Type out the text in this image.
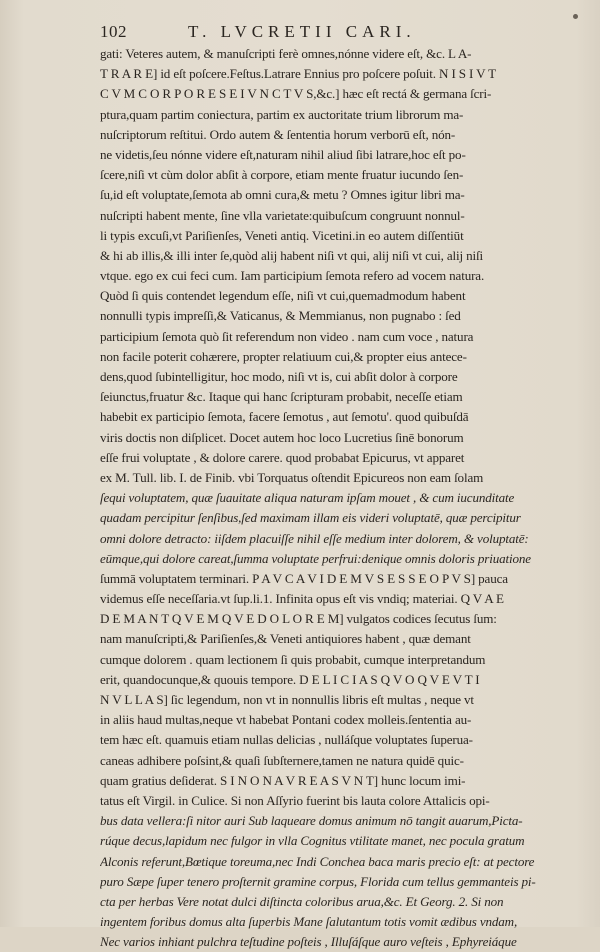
102	T. LVCRETII CARI.
gati: Veteres autem, & manuſcripti ferè omnes,nónne videre eſt, &c. L A-
T R A R E] id eſt poſcere.Feſtus.Latrare Ennius pro poſcere poſuit. N I S I V T
C V M C O R P O R E S E I V N C T V S,&c.] hæc eſt rectá & germana ſcri-
ptura,quam partim coniectura, partim ex auctoritate trium librorum ma-
nuſcriptorum reſtitui. Ordo autem & ſententia horum verborū eſt, nón-
ne videtis,ſeu nónne videre eſt,naturam nihil aliud ſibi latrare,hoc eſt po-
ſcere,niſi vt cùm dolor abſit à corpore, etiam mente fruatur iucundo ſen-
ſu,id eſt voluptate,ſemota ab omni cura,& metu ? Omnes igitur libri ma-
nuſcripti habent mente, ſine vlla varietate:quibuſcum congruunt nonnul-
li typis excuſi,vt Pariſienſes, Veneti antiq. Vicetini.in eo autem diſſentiūt
& hi ab illis,& illi inter ſe,quòd alij habent niſi vt qui, alij niſi vt cui, alij niſi
vtque. ego ex cui feci cum. Iam participium ſemota refero ad vocem natura.
Quòd ſi quis contendet legendum eſſe, niſi vt cui,quemadmodum habent
nonnulli typis impreſſi,& Vaticanus, & Memmianus, non pugnabo : ſed
participium ſemota quò ſit referendum non video . nam cum voce , natura
non facile poterit cohærere, propter relatiuum cui,& propter eius antece-
dens,quod ſubintelligitur, hoc modo, niſi vt is, cui abſit dolor à corpore
ſeiunctus,fruatur &c. Itaque qui hanc ſcripturam probabit, neceſſe etiam
habebit ex participio ſemota, facere ſemotus , aut ſemotu'. quod quibuſdā
viris doctis non diſplicet. Docet autem hoc loco Lucretius ſinē bonorum
eſſe frui voluptate , & dolore carere. quod probabat Epicurus, vt apparet
ex M. Tull. lib. I. de Finib. vbi Torquatus oſtendit Epicureos non eam ſolam
ſequi voluptatem, quæ ſuauitate aliqua naturam ipſam mouet , & cum iucunditate
quadam percipitur ſenſibus,ſed maximam illam eis videri voluptatē, quæ percipitur
omni dolore detracto: iiſdem placuiſſe nihil eſſe medium inter dolorem, & voluptatē:
eūmque,qui dolore careat,ſumma voluptate perfrui:denique omnis doloris priuatione
ſummā voluptatem terminari. P A V C A V I D E M V S E S S E O P V S] pauca
videmus eſſe neceſſaria.vt ſup.li.1. Infinita opus eſt vis vndiq; materiai. Q V A E
D E M A N T Q V E M Q V E D O L O R E M] vulgatos codices ſecutus ſum:
nam manuſcripti,& Pariſienſes,& Veneti antiquiores habent , quæ demant
cumque dolorem . quam lectionem ſi quis probabit, cumque interpretandum
erit, quandocunque,& quouis tempore. D E L I C I A S Q V O Q V E V T I
N V L L A S] ſic legendum, non vt in nonnullis libris eſt multas , neque vt
in aliis haud multas,neque vt habebat Pontani codex molleis.ſententia au-
tem hæc eſt. quamuis etiam nullas delicias , nulláſque voluptates ſuperua-
caneas adhibere poſsint,& quaſi ſubſternere,tamen ne natura quidē quic-
quam gratius deſiderat. S I N O N A V R E A S V N T] hunc locum imi-
tatus eſt Virgil. in Culice. Si non Aſſyrio fuerint bis lauta colore Attalicis opi-
bus data vellera:ſi nitor auri Sub laqueare domus animum nō tangit auarum,Picta-
rúque decus,lapidum nec fulgor in vlla Cognitus vtilitate manet, nec pocula gratum
Alconis referunt,Bœtique toreuma,nec Indi Conchea baca maris precio eſt: at pectore
puro Sæpe ſuper tenero proſternit gramine corpus, Florida cum tellus gemmanteis pi-
cta per herbas Vere notat dulci diſtincta coloribus arua,&c. Et Georg. 2. Si non
ingentem foribus domus alta ſuperbis Mane ſalutantum totis vomit ædibus vndam,
Nec varios inhiant pulchra teſtudine poſteis , Illuſáſque auro veſteis , Ephyreiáque
